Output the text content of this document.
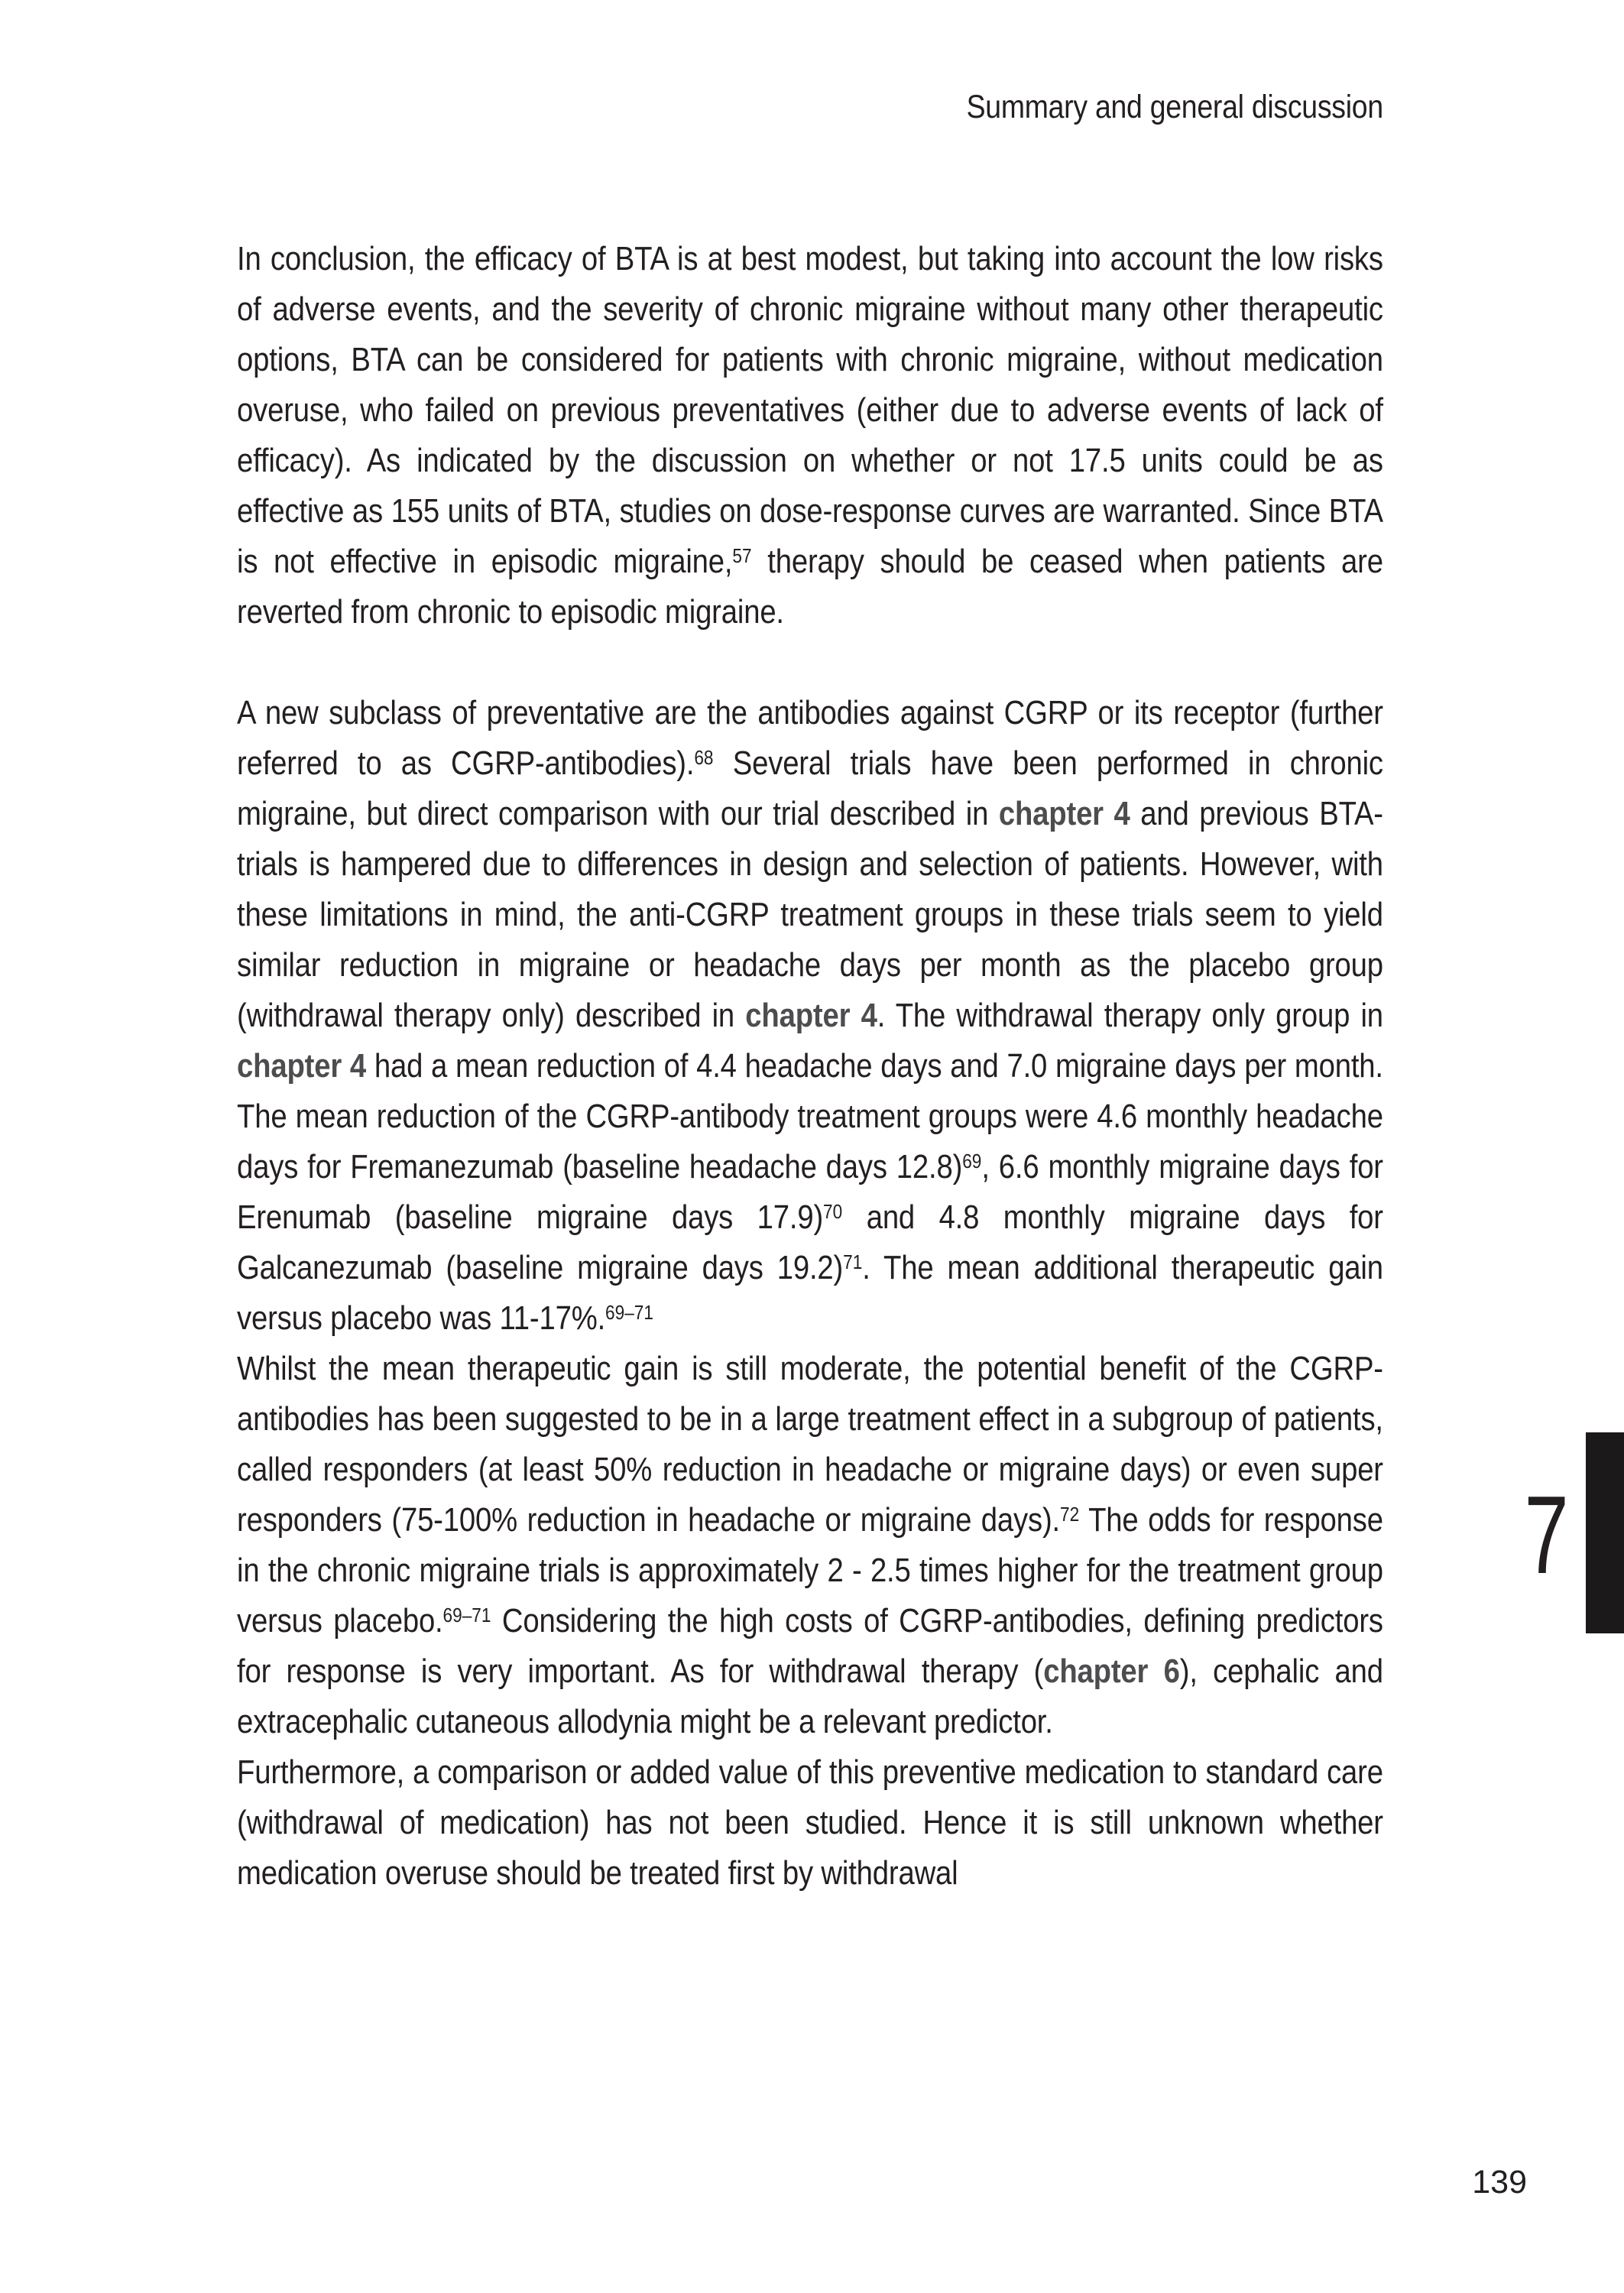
Summary and general discussion

In conclusion, the efficacy of BTA is at best modest, but taking into account the low risks of adverse events, and the severity of chronic migraine without many other therapeutic options, BTA can be considered for patients with chronic migraine, without medication overuse, who failed on previous preventatives (either due to adverse events of lack of efficacy). As indicated by the discussion on whether or not 17.5 units could be as effective as 155 units of BTA, studies on dose-response curves are warranted. Since BTA is not effective in episodic migraine,$^{57}$ therapy should be ceased when patients are reverted from chronic to episodic migraine.

A new subclass of preventative are the antibodies against CGRP or its receptor (further referred to as CGRP-antibodies).$^{68}$ Several trials have been performed in chronic migraine, but direct comparison with our trial described in chapter 4 and previous BTA-trials is hampered due to differences in design and selection of patients. However, with these limitations in mind, the anti-CGRP treatment groups in these trials seem to yield similar reduction in migraine or headache days per month as the placebo group (withdrawal therapy only) described in chapter 4. The withdrawal therapy only group in chapter 4 had a mean reduction of 4.4 headache days and 7.0 migraine days per month. The mean reduction of the CGRP-antibody treatment groups were 4.6 monthly headache days for Fremanezumab (baseline headache days 12.8)$^{69}$, 6.6 monthly migraine days for Erenumab (baseline migraine days 17.9)$^{70}$ and 4.8 monthly migraine days for Galcanezumab (baseline migraine days 19.2)$^{71}$. The mean additional therapeutic gain versus placebo was 11-17%.$^{69-71}$

Whilst the mean therapeutic gain is still moderate, the potential benefit of the CGRP-antibodies has been suggested to be in a large treatment effect in a subgroup of patients, called responders (at least 50% reduction in headache or migraine days) or even super responders (75-100% reduction in headache or migraine days).$^{72}$ The odds for response in the chronic migraine trials is approximately 2 - 2.5 times higher for the treatment group versus placebo.$^{69-71}$ Considering the high costs of CGRP-antibodies, defining predictors for response is very important. As for withdrawal therapy (chapter 6), cephalic and extracephalic cutaneous allodynia might be a relevant predictor.

Furthermore, a comparison or added value of this preventive medication to standard care (withdrawal of medication) has not been studied. Hence it is still unknown whether medication overuse should be treated first by withdrawal

7
139
